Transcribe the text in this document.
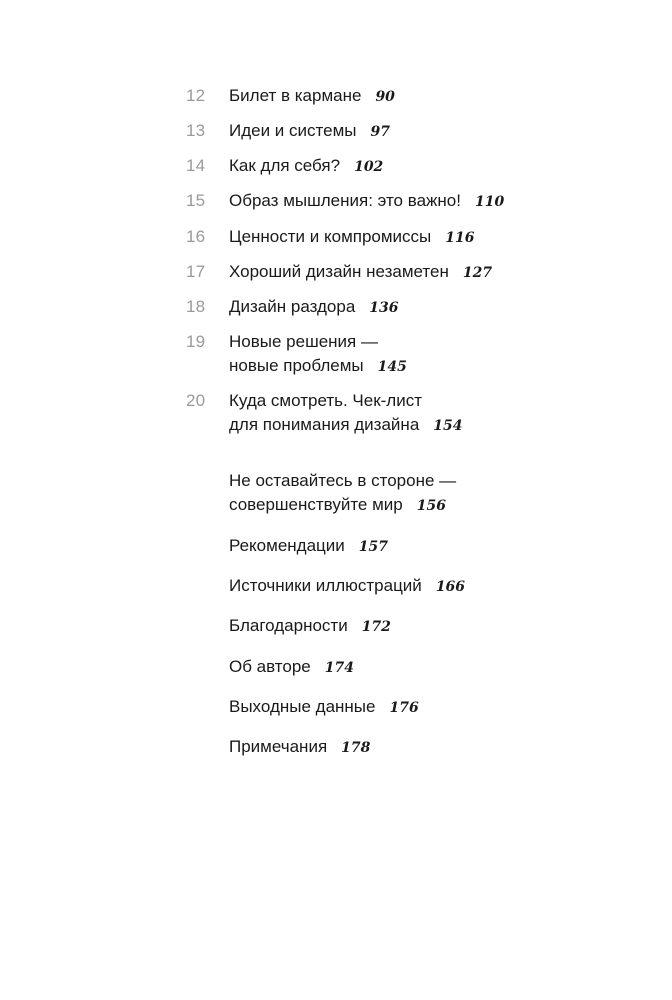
12	Билет в кармане 90
13	Идеи и системы 97
14	Как для себя? 102
15	Образ мышления: это важно! 110
16	Ценности и компромиссы 116
17	Хороший дизайн незаметен 127
18	Дизайн раздора 136
19	Новые решения —
новые проблемы 145
20	Куда смотреть. Чек-лист
для понимания дизайна 154
Не оставайтесь в стороне —
совершенствуйте мир 156
Рекомендации 157
Источники иллюстраций 166
Благодарности 172
Об авторе 174
Выходные данные 176
Примечания 178
